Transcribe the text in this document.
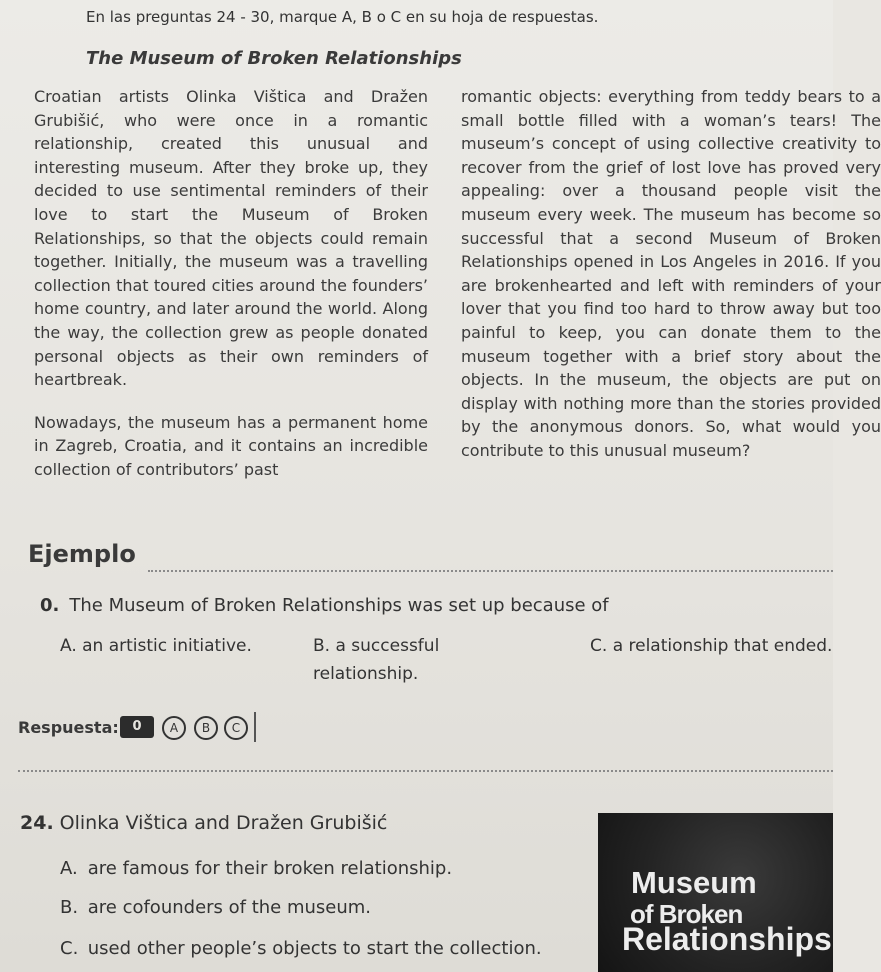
En las preguntas 24 - 30, marque A, B o C en su hoja de respuestas.
The Museum of Broken Relationships

Croatian artists Olinka Vištica and Dražen Grubišić, who were once in a romantic relationship, created this unusual and interesting museum. After they broke up, they decided to use sentimental reminders of their love to start the Museum of Broken Relationships, so that the objects could remain together. Initially, the museum was a travelling collection that toured cities around the founders’ home country, and later around the world. Along the way, the collection grew as people donated personal objects as their own reminders of heartbreak.

Nowadays, the museum has a permanent home in Zagreb, Croatia, and it contains an incredible collection of contributors’ past

romantic objects: everything from teddy bears to a small bottle filled with a woman’s tears! The museum’s concept of using collective creativity to recover from the grief of lost love has proved very appealing: over a thousand people visit the museum every week. The museum has become so successful that a second Museum of Broken Relationships opened in Los Angeles in 2016. If you are brokenhearted and left with reminders of your lover that you find too hard to throw away but too painful to keep, you can donate them to the museum together with a brief story about the objects. In the museum, the objects are put on display with nothing more than the stories provided by the anonymous donors. So, what would you contribute to this unusual museum?

Ejemplo
0. The Museum of Broken Relationships was set up because of
A. an artistic initiative.	B. a successful relationship.
C. a relationship that ended.
Respuesta:	0	A	B	C
24. Olinka Vištica and Dražen Grubišić
A. are famous for their broken relationship.
B. are cofounders of the museum.
C. used other people’s objects to start the collection.
Museum
of Broken
Relationships
